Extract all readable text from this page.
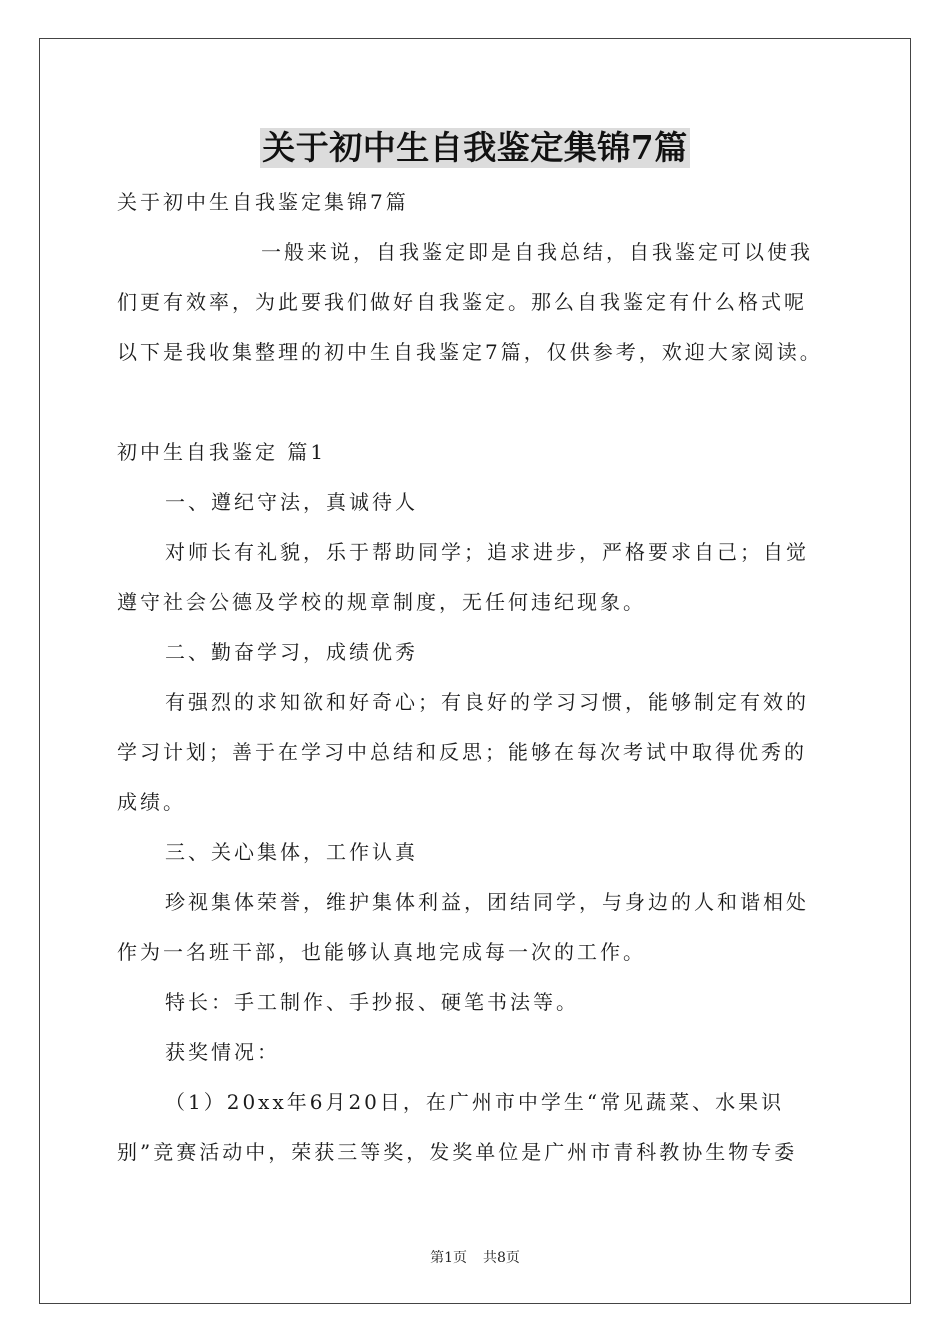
关于初中生自我鉴定集锦7篇

关于初中生自我鉴定集锦7篇

一般来说，自我鉴定即是自我总结，自我鉴定可以使我

们更有效率，为此要我们做好自我鉴定。那么自我鉴定有什么格式呢

以下是我收集整理的初中生自我鉴定7篇，仅供参考，欢迎大家阅读。

初中生自我鉴定 篇1

一、遵纪守法，真诚待人

对师长有礼貌，乐于帮助同学；追求进步，严格要求自己；自觉

遵守社会公德及学校的规章制度，无任何违纪现象。

二、勤奋学习，成绩优秀

有强烈的求知欲和好奇心；有良好的学习习惯，能够制定有效的

学习计划；善于在学习中总结和反思；能够在每次考试中取得优秀的

成绩。

三、关心集体，工作认真

珍视集体荣誉，维护集体利益，团结同学，与身边的人和谐相处

作为一名班干部，也能够认真地完成每一次的工作。

特长：手工制作、手抄报、硬笔书法等。

获奖情况：

（1）20xx年6月20日，在广州市中学生“常见蔬菜、水果识

别”竞赛活动中，荣获三等奖，发奖单位是广州市青科教协生物专委

第1页 共8页
